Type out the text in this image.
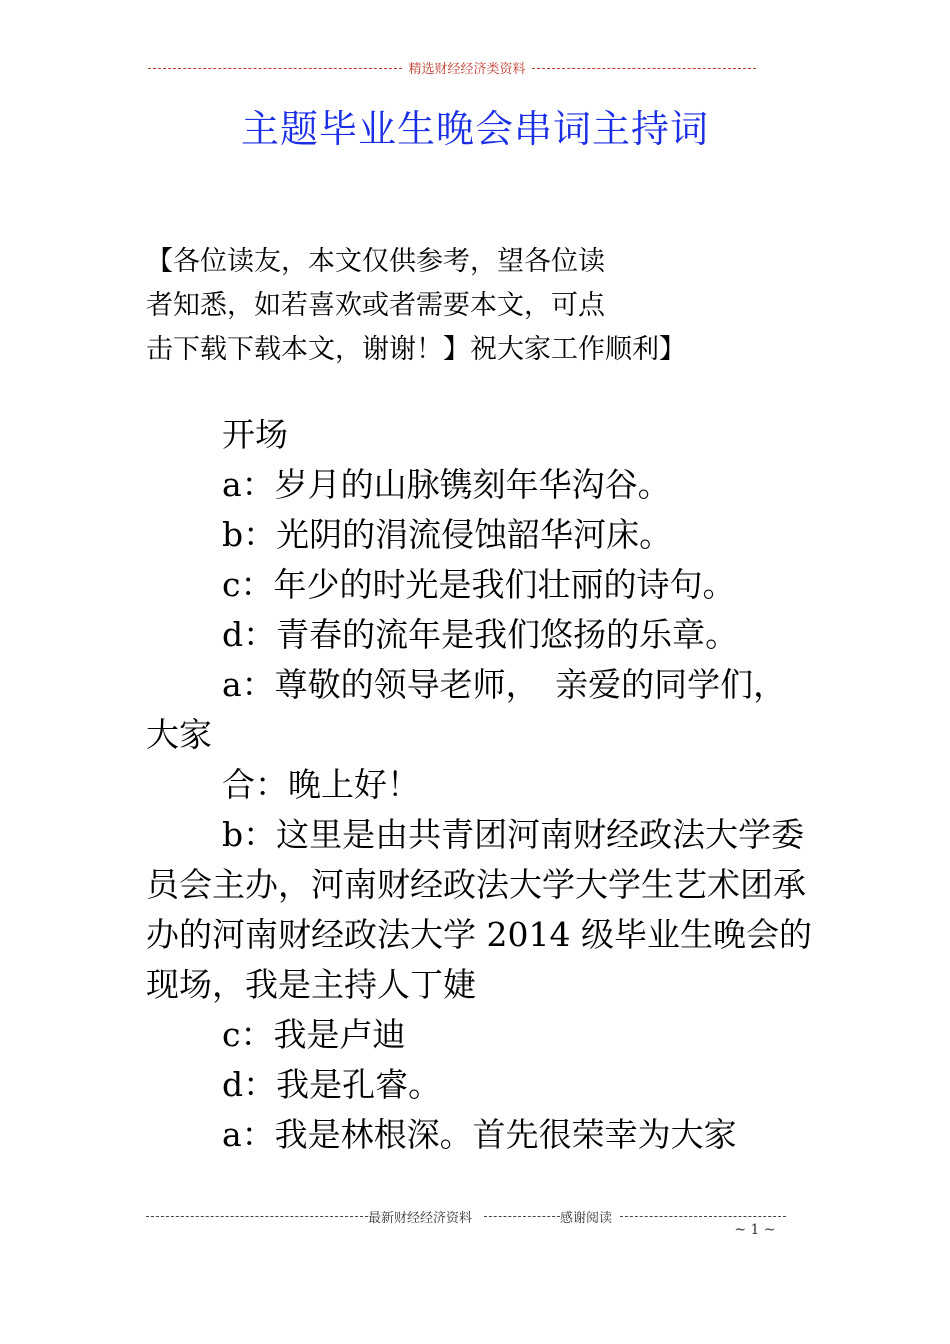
精选财经经济类资料
主题毕业生晚会串词主持词
【各位读友，本文仅供参考，望各位读
者知悉，如若喜欢或者需要本文，可点
击下载下载本文，谢谢！】祝大家工作顺利】

开场

a：岁月的山脉镌刻年华沟谷。

b：光阴的涓流侵蚀韶华河床。

c：年少的时光是我们壮丽的诗句。

d：青春的流年是我们悠扬的乐章。

a：尊敬的领导老师，　亲爱的同学们，大家

合：晚上好！

b：这里是由共青团河南财经政法大学委员会主办，河南财经政法大学大学生艺术团承办的河南财经政法大学 2014 级毕业生晚会的现场，我是主持人丁婕

c：我是卢迪

d：我是孔睿。

a：我是林根深。首先很荣幸为大家

最新财经经济资料	感谢阅读
~ 1 ~
